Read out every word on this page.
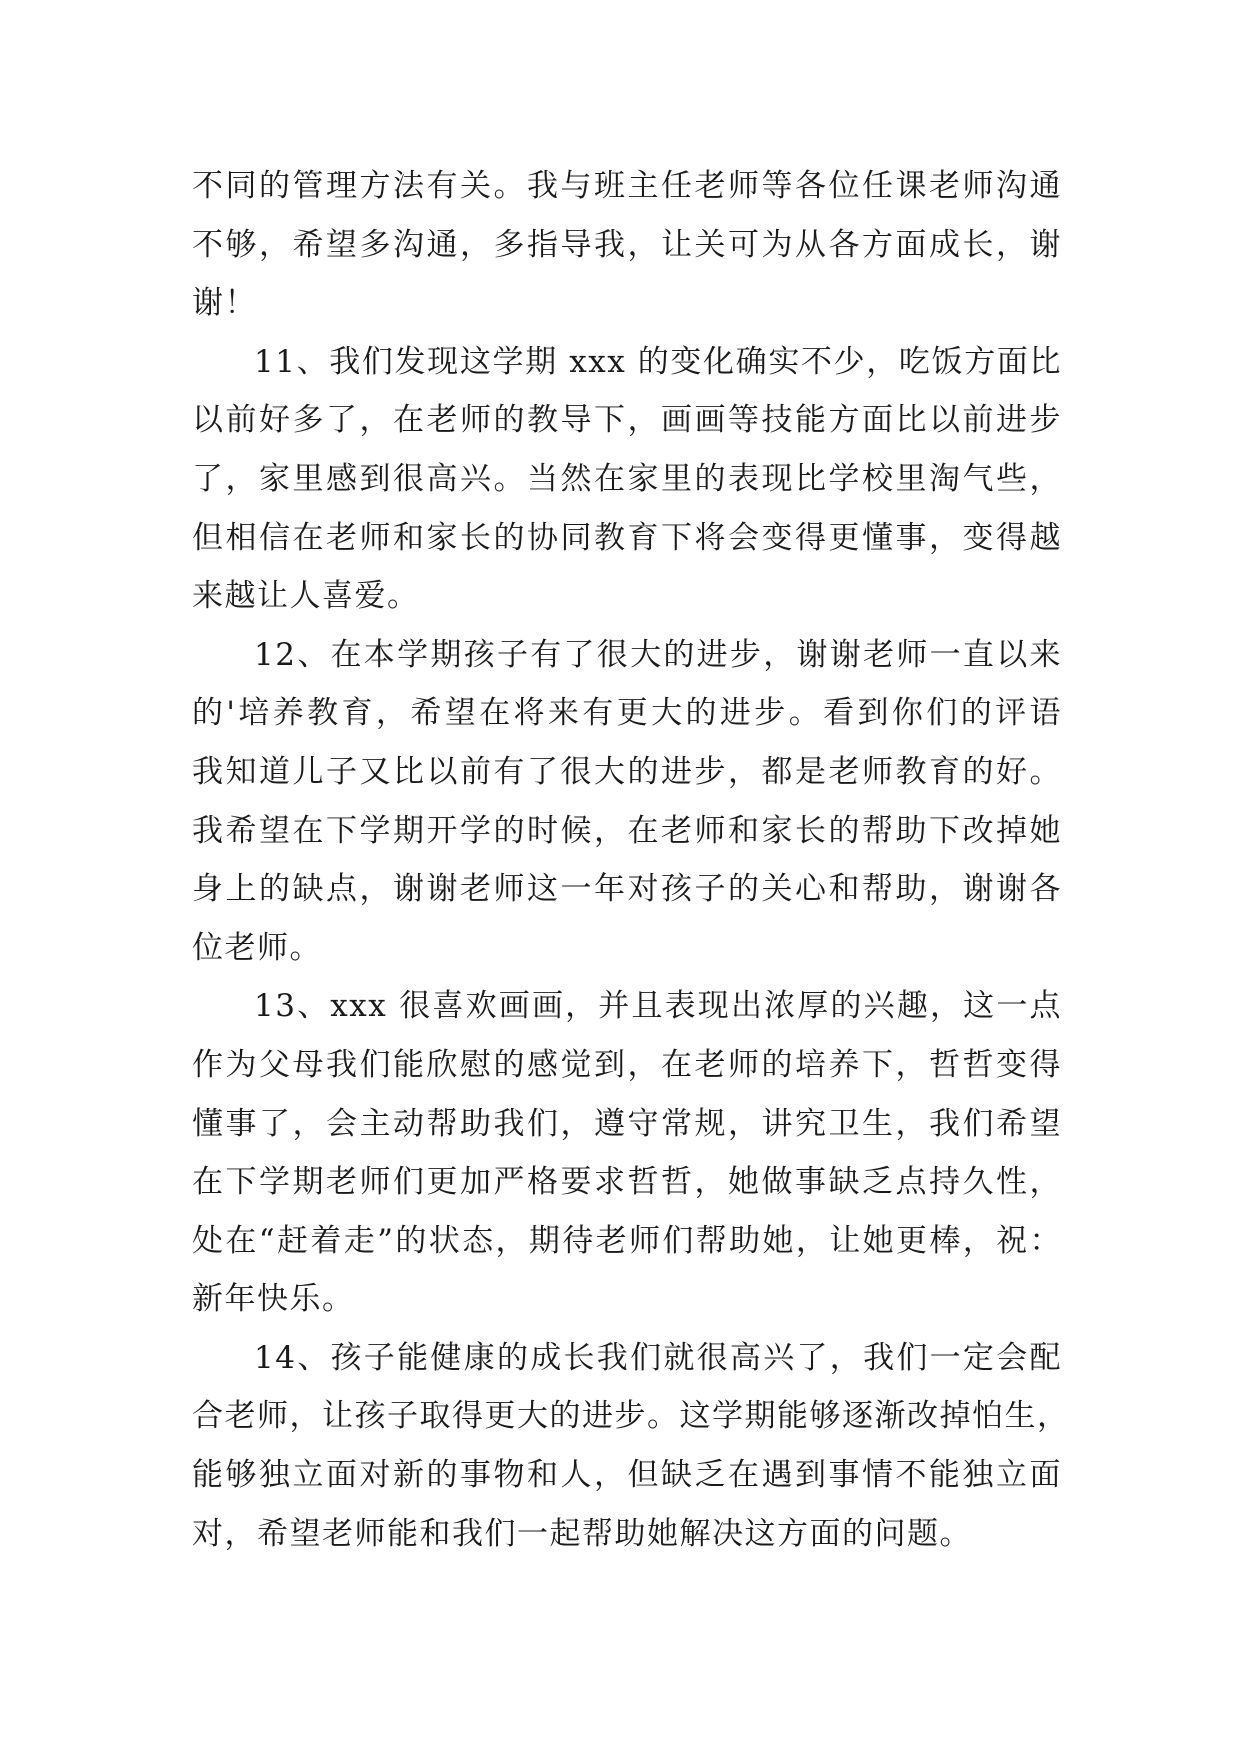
不同的管理方法有关。我与班主任老师等各位任课老师沟通
不够，希望多沟通，多指导我，让关可为从各方面成长，谢
谢！

11、我们发现这学期 xxx 的变化确实不少，吃饭方面比
以前好多了，在老师的教导下，画画等技能方面比以前进步
了，家里感到很高兴。当然在家里的表现比学校里淘气些，
但相信在老师和家长的协同教育下将会变得更懂事，变得越
来越让人喜爱。

12、在本学期孩子有了很大的进步，谢谢老师一直以来
的'培养教育，希望在将来有更大的进步。看到你们的评语
我知道儿子又比以前有了很大的进步，都是老师教育的好。
我希望在下学期开学的时候，在老师和家长的帮助下改掉她
身上的缺点，谢谢老师这一年对孩子的关心和帮助，谢谢各
位老师。

13、xxx 很喜欢画画，并且表现出浓厚的兴趣，这一点
作为父母我们能欣慰的感觉到，在老师的培养下，哲哲变得
懂事了，会主动帮助我们，遵守常规，讲究卫生，我们希望
在下学期老师们更加严格要求哲哲，她做事缺乏点持久性，
处在“赶着走”的状态，期待老师们帮助她，让她更棒，祝：
新年快乐。

14、孩子能健康的成长我们就很高兴了，我们一定会配
合老师，让孩子取得更大的进步。这学期能够逐渐改掉怕生，
能够独立面对新的事物和人，但缺乏在遇到事情不能独立面
对，希望老师能和我们一起帮助她解决这方面的问题。
